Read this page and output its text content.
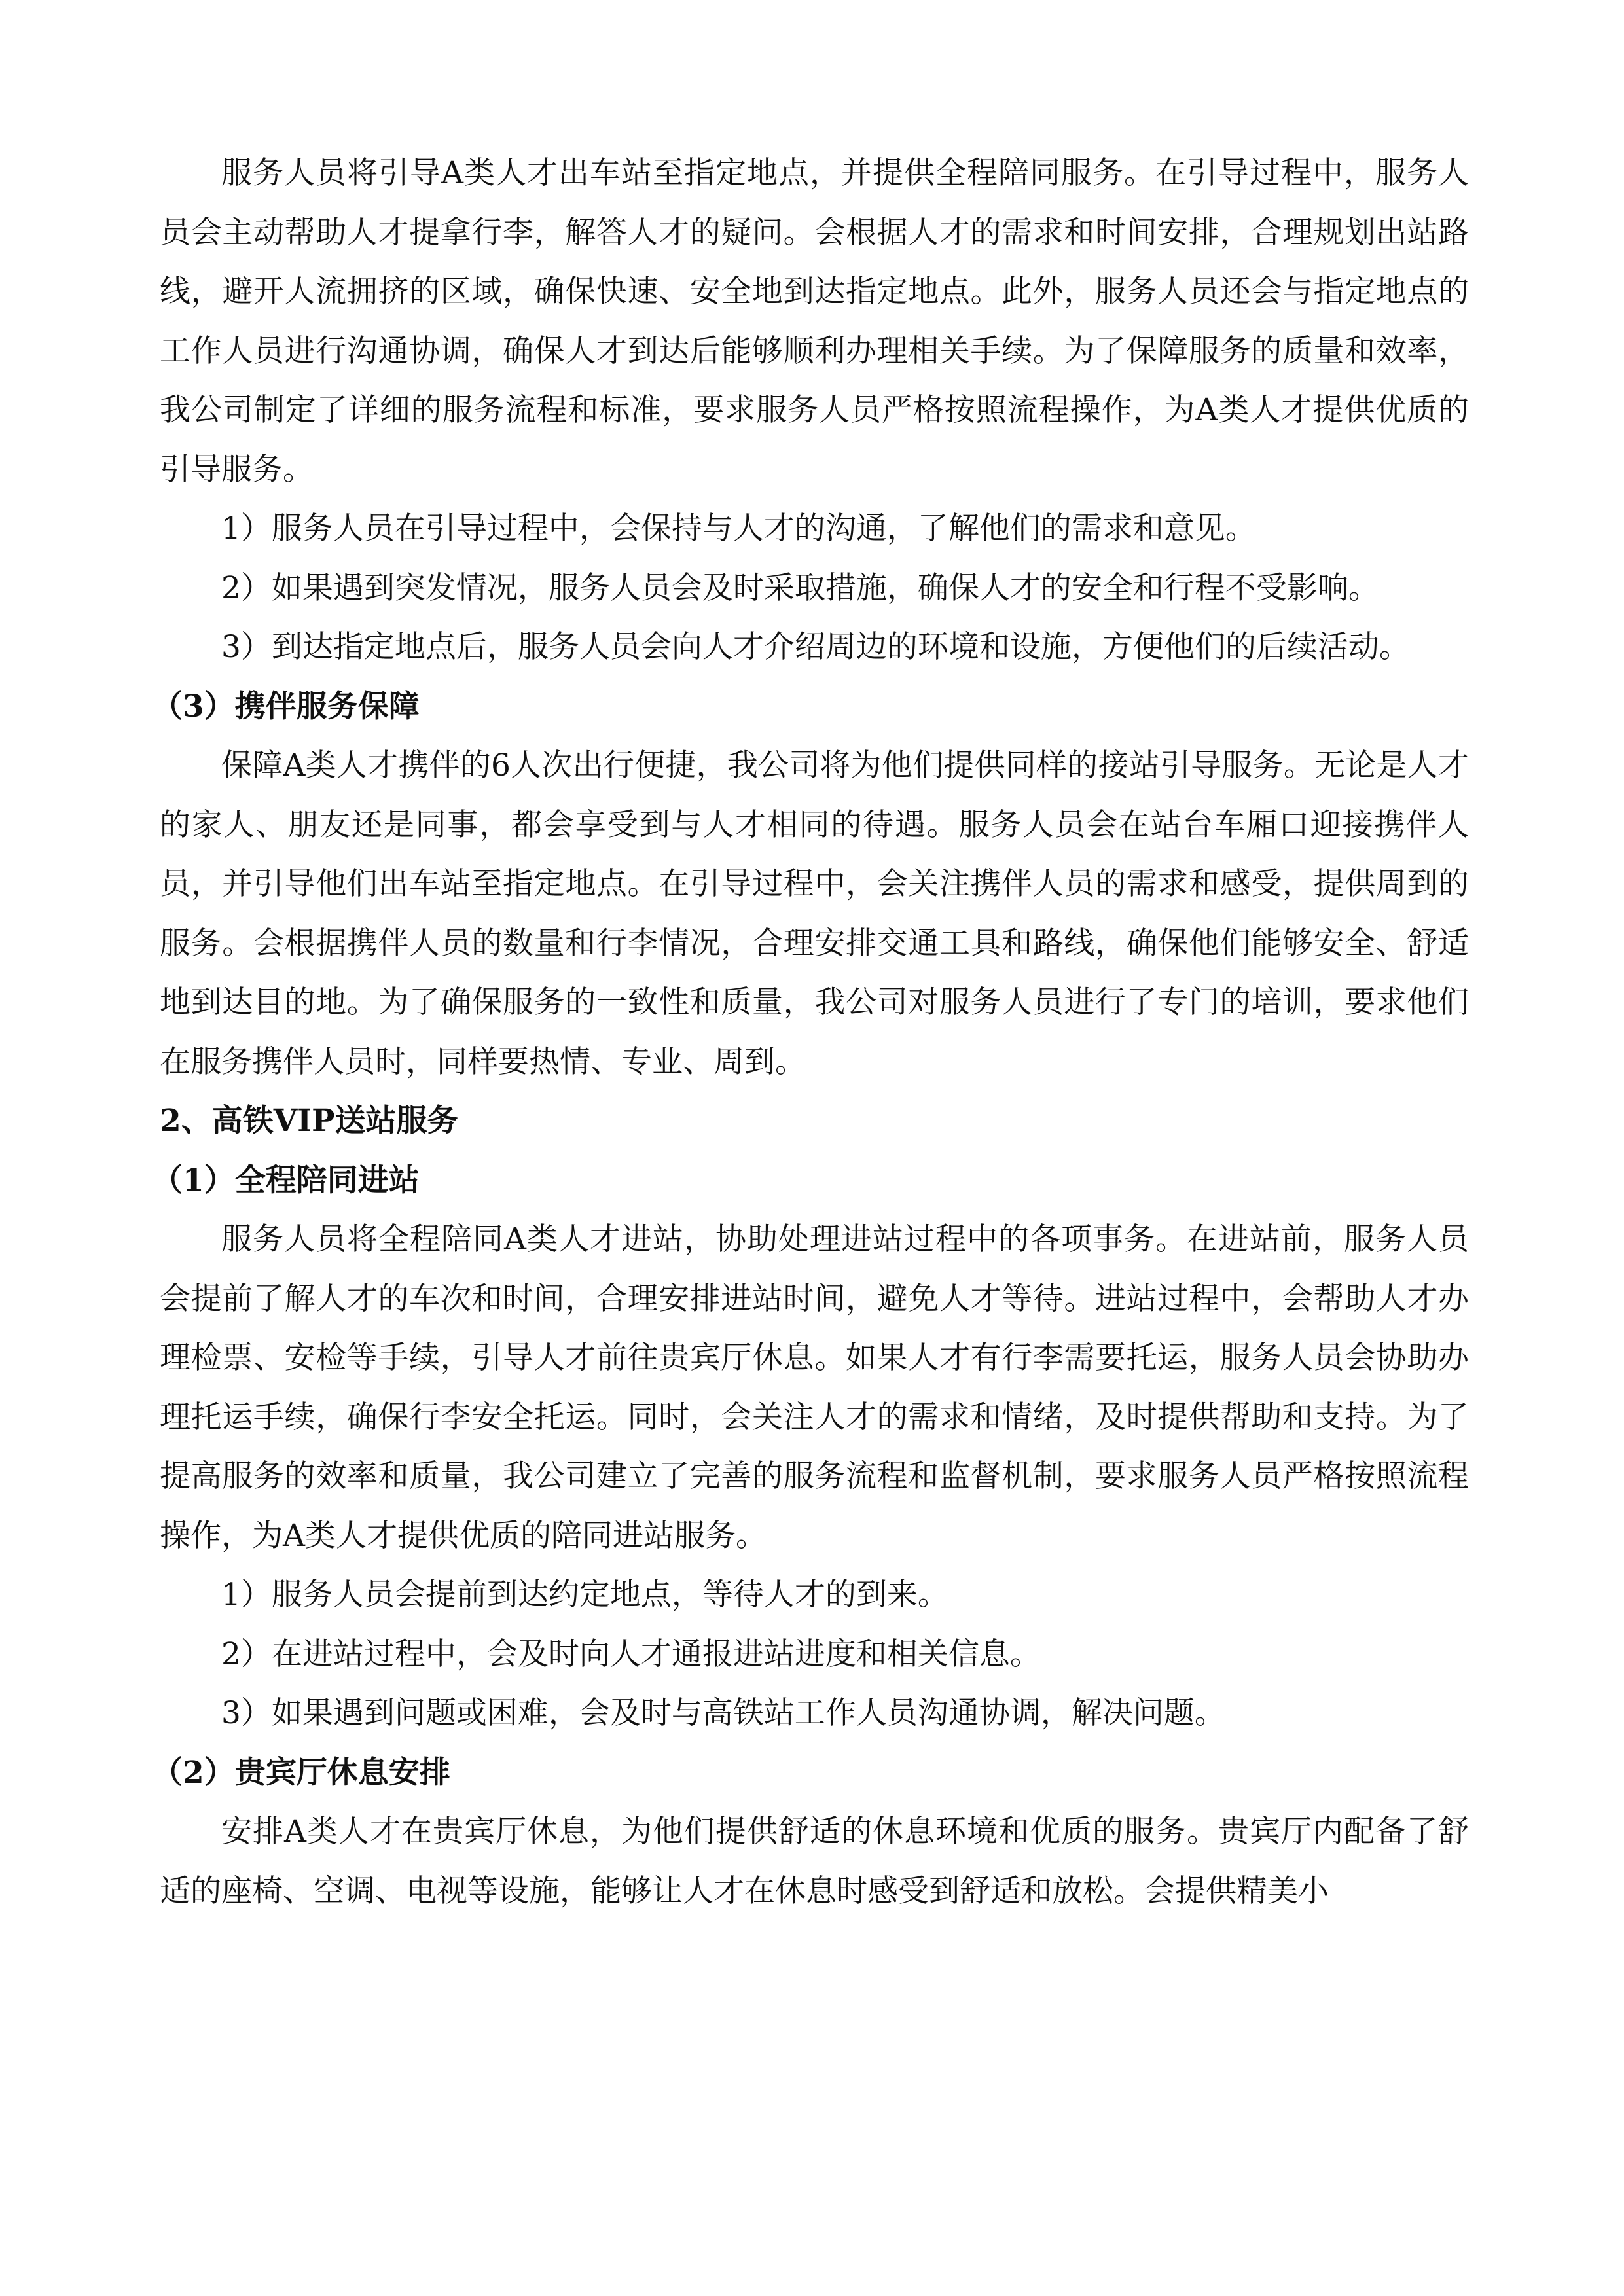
服务人员将引导A类人才出车站至指定地点，并提供全程陪同服务。在引导过程中，服务人员会主动帮助人才提拿行李，解答人才的疑问。会根据人才的需求和时间安排，合理规划出站路线，避开人流拥挤的区域，确保快速、安全地到达指定地点。此外，服务人员还会与指定地点的工作人员进行沟通协调，确保人才到达后能够顺利办理相关手续。为了保障服务的质量和效率，我公司制定了详细的服务流程和标准，要求服务人员严格按照流程操作，为A类人才提供优质的引导服务。

1）服务人员在引导过程中，会保持与人才的沟通，了解他们的需求和意见。

2）如果遇到突发情况，服务人员会及时采取措施，确保人才的安全和行程不受影响。

3）到达指定地点后，服务人员会向人才介绍周边的环境和设施，方便他们的后续活动。

（3）携伴服务保障

保障A类人才携伴的6人次出行便捷，我公司将为他们提供同样的接站引导服务。无论是人才的家人、朋友还是同事，都会享受到与人才相同的待遇。服务人员会在站台车厢口迎接携伴人员，并引导他们出车站至指定地点。在引导过程中，会关注携伴人员的需求和感受，提供周到的服务。会根据携伴人员的数量和行李情况，合理安排交通工具和路线，确保他们能够安全、舒适地到达目的地。为了确保服务的一致性和质量，我公司对服务人员进行了专门的培训，要求他们在服务携伴人员时，同样要热情、专业、周到。

2、高铁VIP送站服务

（1）全程陪同进站

服务人员将全程陪同A类人才进站，协助处理进站过程中的各项事务。在进站前，服务人员会提前了解人才的车次和时间，合理安排进站时间，避免人才等待。进站过程中，会帮助人才办理检票、安检等手续，引导人才前往贵宾厅休息。如果人才有行李需要托运，服务人员会协助办理托运手续，确保行李安全托运。同时，会关注人才的需求和情绪，及时提供帮助和支持。为了提高服务的效率和质量，我公司建立了完善的服务流程和监督机制，要求服务人员严格按照流程操作，为A类人才提供优质的陪同进站服务。

1）服务人员会提前到达约定地点，等待人才的到来。

2）在进站过程中，会及时向人才通报进站进度和相关信息。

3）如果遇到问题或困难，会及时与高铁站工作人员沟通协调，解决问题。

（2）贵宾厅休息安排

安排A类人才在贵宾厅休息，为他们提供舒适的休息环境和优质的服务。贵宾厅内配备了舒适的座椅、空调、电视等设施，能够让人才在休息时感受到舒适和放松。会提供精美小
